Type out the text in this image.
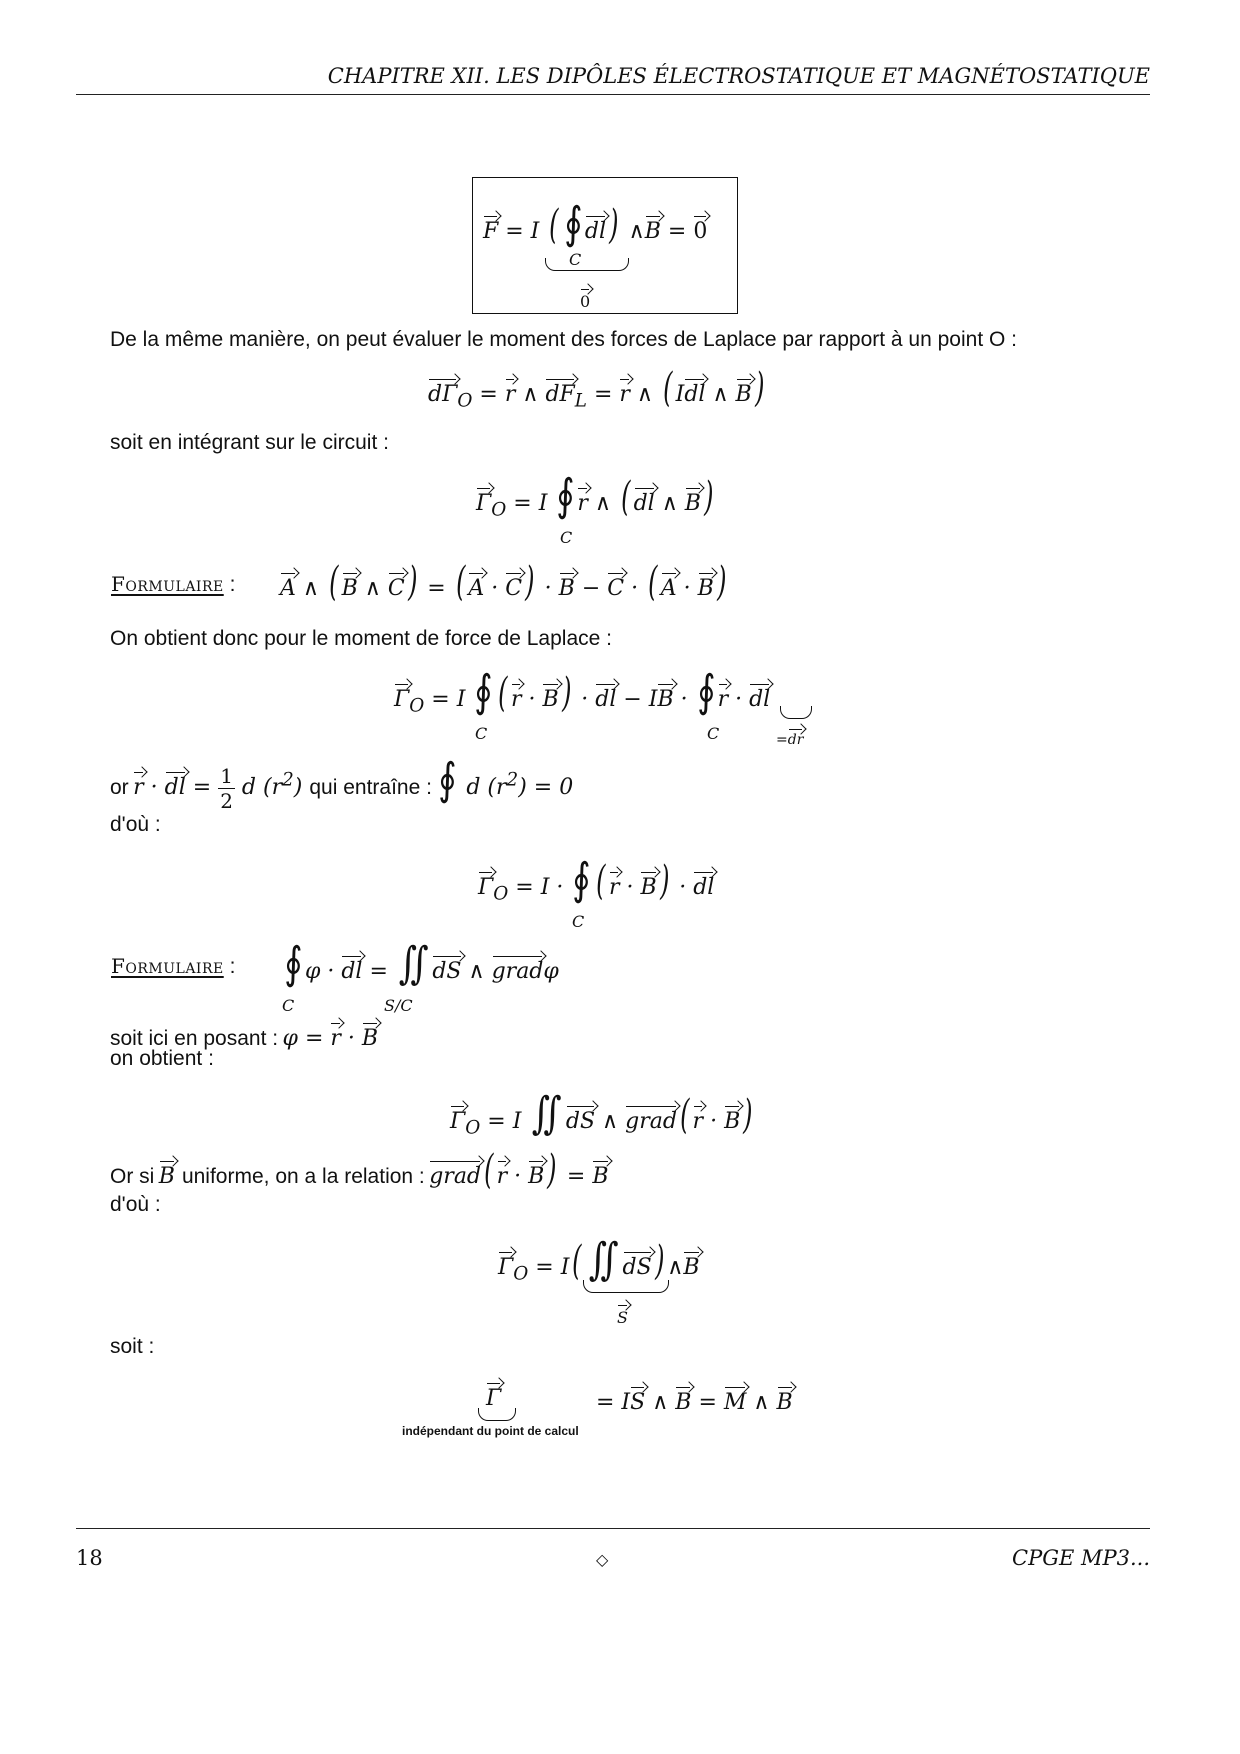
CHAPITRE XII. LES DIPÔLES ÉLECTROSTATIQUE ET MAGNÉTOSTATIQUE
F = I ( ∮ dl) ∧B = 0
C
0
De la même manière, on peut évaluer le moment des forces de Laplace par rapport à un point O :
$d\Gamma_O = r$ ∧ $dF_L = r$ ∧ ( Idl ∧ B)
soit en intégrant sur le circuit :
$\Gamma_O = I$ ∮ r ∧ ( dl ∧ B)
C
Formulaire : A ∧ ( B ∧ C) = ( A · C) · B − C · ( A · B)
On obtient donc pour le moment de force de Laplace :
$\Gamma_O = I$ ∮ ( r · B) · dl − IB · ∮ r · dl
C	C	=dr
or r · dl = $\frac{1}{2}$ d $(r^2)$ qui entraîne : ∮ d $(r^2) = 0$
d'où :
$\Gamma_O = I$ · ∮ ( r · B) · dl
C
Formulaire : ∮ φ · dl = ∬ dS ∧ gradφ
C	S/C
soit ici en posant : φ = r · B
on obtient :
$\Gamma_O = I$ ∬ dS ∧ grad( r · B)
Or si B uniforme, on a la relation : grad( r · B) = B
d'où :
$\Gamma_O = I$( ∬ dS) ∧B
S
soit :
Γ
indépendant du point de calcul
= IS ∧ B = M ∧ B
18	◇	CPGE MP3...
